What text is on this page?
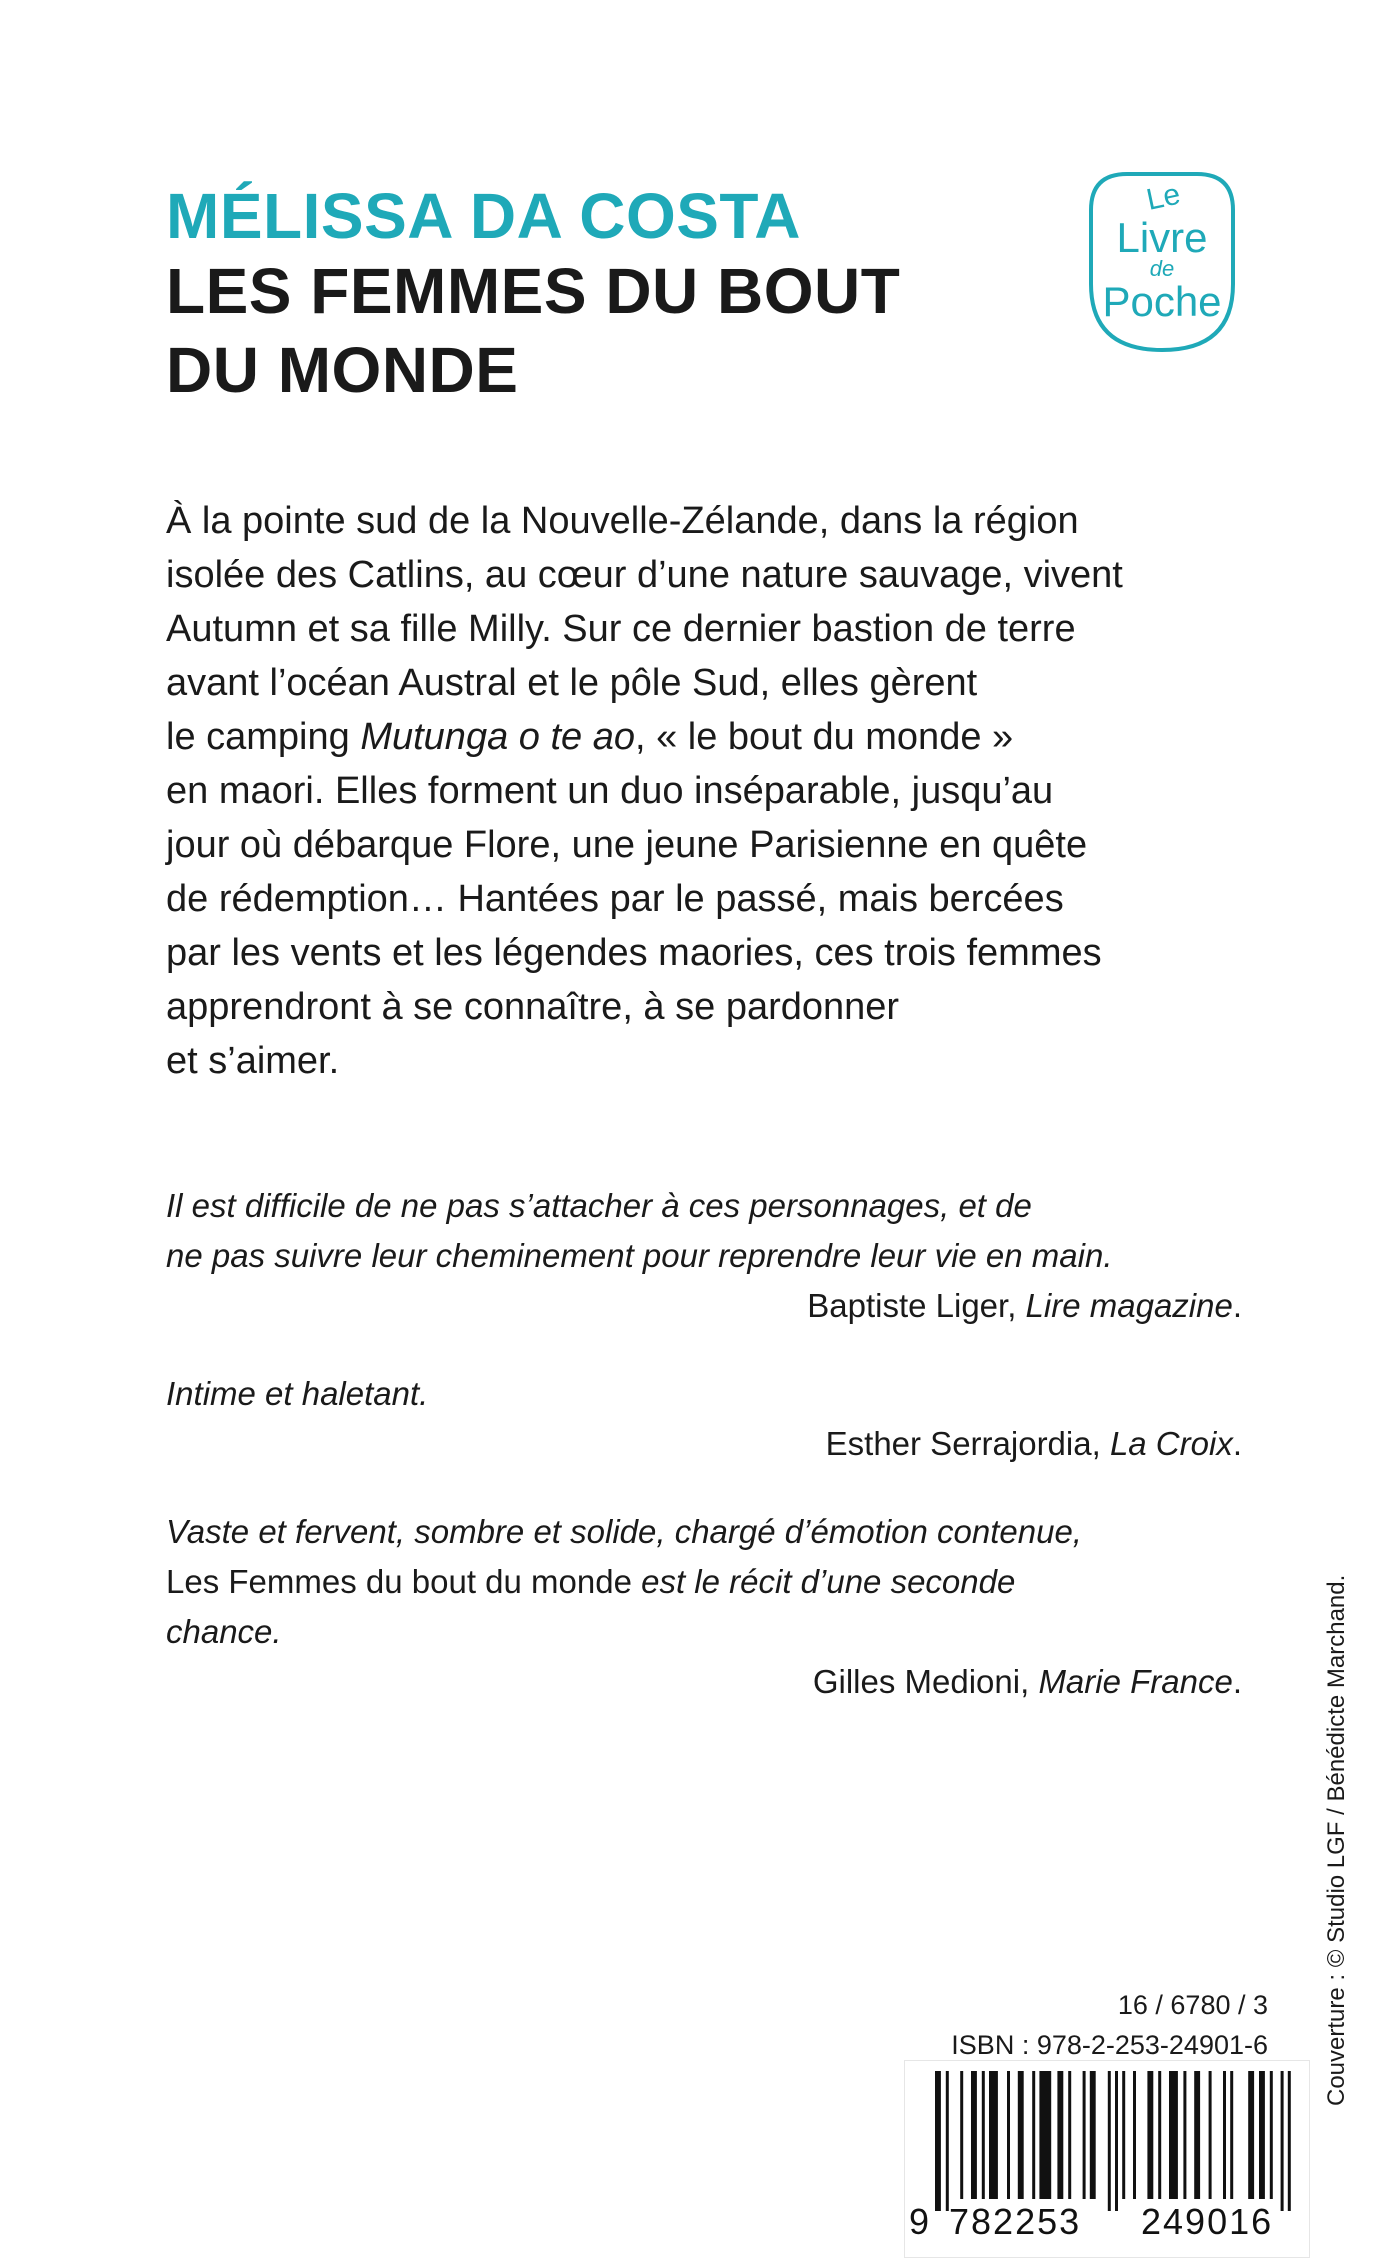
MÉLISSA DA COSTA
LES FEMMES DU BOUT
DU MONDE
Le
Livre
de
Poche
À la pointe sud de la Nouvelle-Zélande, dans la région
isolée des Catlins, au cœur d’une nature sauvage, vivent
Autumn et sa fille Milly. Sur ce dernier bastion de terre
avant l’océan Austral et le pôle Sud, elles gèrent
le camping Mutunga o te ao, « le bout du monde »
en maori. Elles forment un duo inséparable, jusqu’au
jour où débarque Flore, une jeune Parisienne en quête
de rédemption… Hantées par le passé, mais bercées
par les vents et les légendes maories, ces trois femmes
apprendront à se connaître, à se pardonner
et s’aimer.
Il est difficile de ne pas s’attacher à ces personnages, et de
ne pas suivre leur cheminement pour reprendre leur vie en main.
Baptiste Liger, Lire magazine.
Intime et haletant.
Esther Serrajordia, La Croix.
Vaste et fervent, sombre et solide, chargé d’émotion contenue,
Les Femmes du bout du monde est le récit d’une seconde
chance.
Gilles Medioni, Marie France.	Couverture : © Studio LGF / Bénédicte Marchand.
16 / 6780 / 3
ISBN : 978-2-253-24901-6
9 782253 249016
